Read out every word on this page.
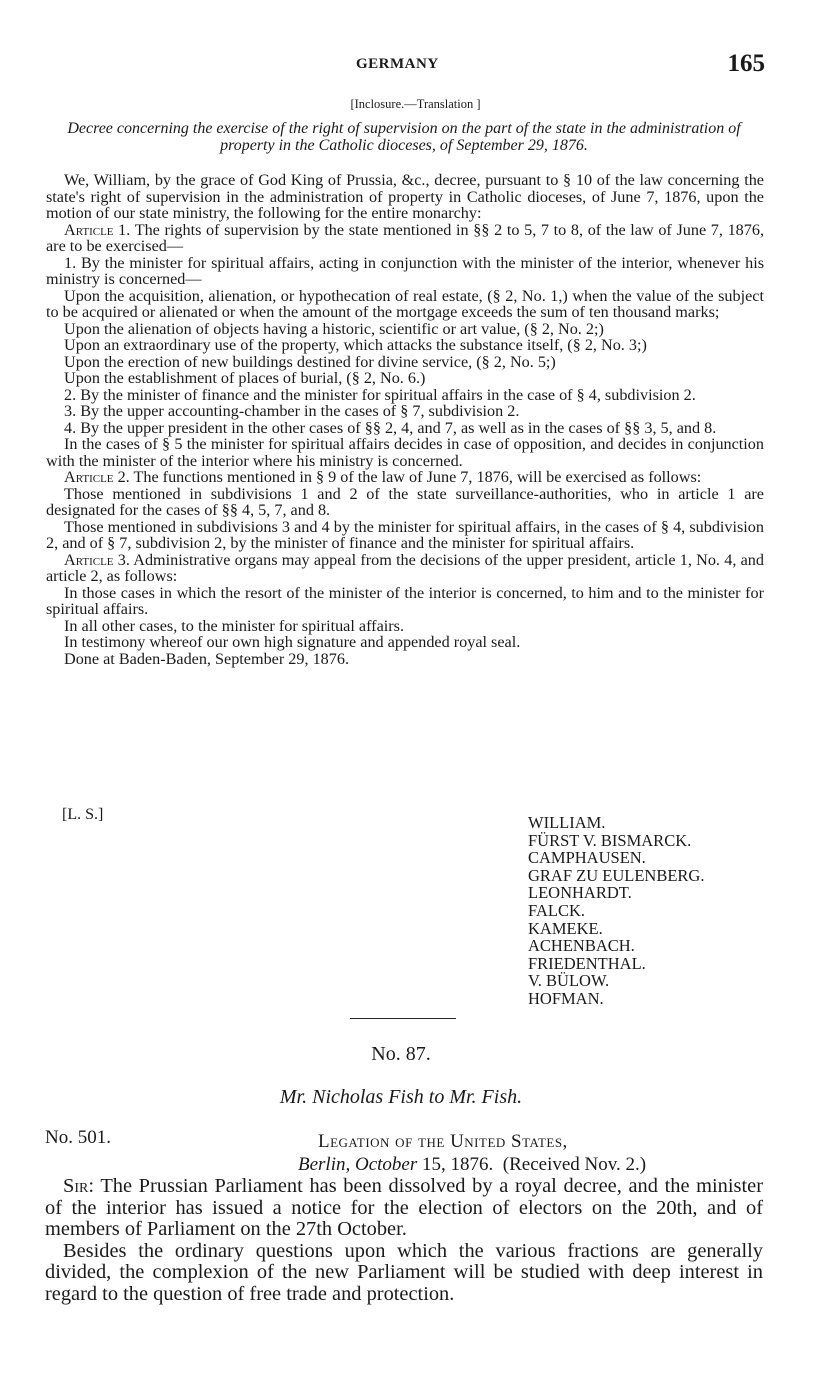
GERMANY	165
[Inclosure.—Translation ]
Decree concerning the exercise of the right of supervision on the part of the state in the administration of property in the Catholic dioceses, of September 29, 1876.

We, William, by the grace of God King of Prussia, &c., decree, pursuant to § 10 of the law concerning the state's right of supervision in the administration of property in Catholic dioceses, of June 7, 1876, upon the motion of our state ministry, the following for the entire monarchy:

Article 1. The rights of supervision by the state mentioned in §§ 2 to 5, 7 to 8, of the law of June 7, 1876, are to be exercised—

1. By the minister for spiritual affairs, acting in conjunction with the minister of the interior, whenever his ministry is concerned—

Upon the acquisition, alienation, or hypothecation of real estate, (§ 2, No. 1,) when the value of the subject to be acquired or alienated or when the amount of the mortgage exceeds the sum of ten thousand marks;

Upon the alienation of objects having a historic, scientific or art value, (§ 2, No. 2;)

Upon an extraordinary use of the property, which attacks the substance itself, (§ 2, No. 3;)

Upon the erection of new buildings destined for divine service, (§ 2, No. 5;)

Upon the establishment of places of burial, (§ 2, No. 6.)

2. By the minister of finance and the minister for spiritual affairs in the case of § 4, subdivision 2.

3. By the upper accounting-chamber in the cases of § 7, subdivision 2.

4. By the upper president in the other cases of §§ 2, 4, and 7, as well as in the cases of §§ 3, 5, and 8.

In the cases of § 5 the minister for spiritual affairs decides in case of opposition, and decides in conjunction with the minister of the interior where his ministry is concerned.

Article 2. The functions mentioned in § 9 of the law of June 7, 1876, will be exercised as follows:

Those mentioned in subdivisions 1 and 2 of the state surveillance-authorities, who in article 1 are designated for the cases of §§ 4, 5, 7, and 8.

Those mentioned in subdivisions 3 and 4 by the minister for spiritual affairs, in the cases of § 4, subdivision 2, and of § 7, subdivision 2, by the minister of finance and the minister for spiritual affairs.

Article 3. Administrative organs may appeal from the decisions of the upper president, article 1, No. 4, and article 2, as follows:

In those cases in which the resort of the minister of the interior is concerned, to him and to the minister for spiritual affairs.

In all other cases, to the minister for spiritual affairs.

In testimony whereof our own high signature and appended royal seal.

Done at Baden-Baden, September 29, 1876.

[L. S.]	WILLIAM.
FÜRST V. BISMARCK.
CAMPHAUSEN.
GRAF ZU EULENBERG.
LEONHARDT.
FALCK.
KAMEKE.
ACHENBACH.
FRIEDENTHAL.
V. BÜLOW.
HOFMAN.
No. 87.
Mr. Nicholas Fish to Mr. Fish.
No. 501.	Legation of the United States,
Berlin, October 15, 1876. (Received Nov. 2.)

Sir: The Prussian Parliament has been dissolved by a royal decree, and the minister of the interior has issued a notice for the election of electors on the 20th, and of members of Parliament on the 27th October.

Besides the ordinary questions upon which the various fractions are generally divided, the complexion of the new Parliament will be studied with deep interest in regard to the question of free trade and protection.
